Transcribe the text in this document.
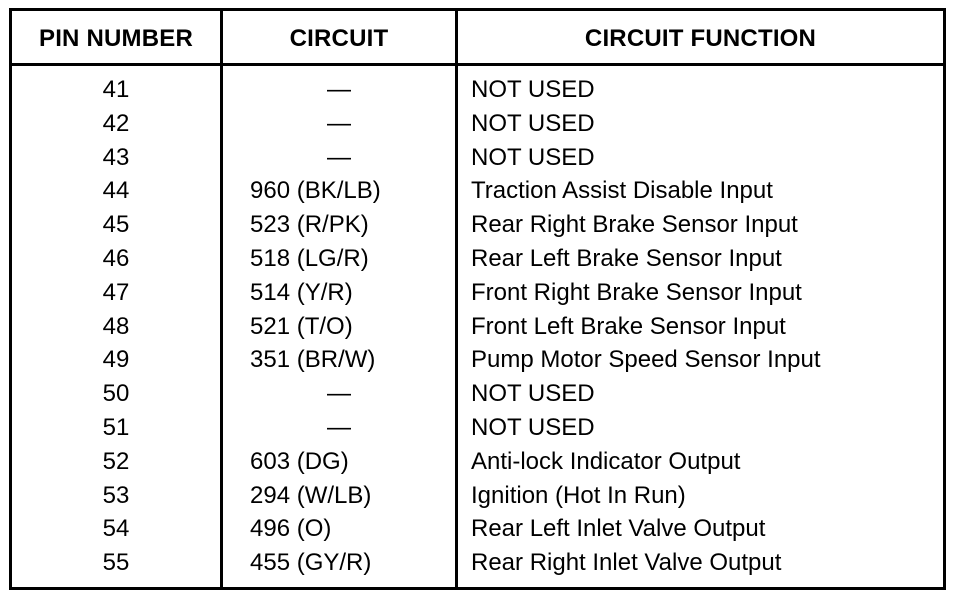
PIN NUMBER	CIRCUIT	CIRCUIT FUNCTION
41	—	NOT USED
42	—	NOT USED
43	—	NOT USED
44	960 (BK/LB)	Traction Assist Disable Input
45	523 (R/PK)	Rear Right Brake Sensor Input
46	518 (LG/R)	Rear Left Brake Sensor Input
47	514 (Y/R)	Front Right Brake Sensor Input
48	521 (T/O)	Front Left Brake Sensor Input
49	351 (BR/W)	Pump Motor Speed Sensor Input
50	—	NOT USED
51	—	NOT USED
52	603 (DG)	Anti-lock Indicator Output
53	294 (W/LB)	Ignition (Hot In Run)
54	496 (O)	Rear Left Inlet Valve Output
55	455 (GY/R)	Rear Right Inlet Valve Output
